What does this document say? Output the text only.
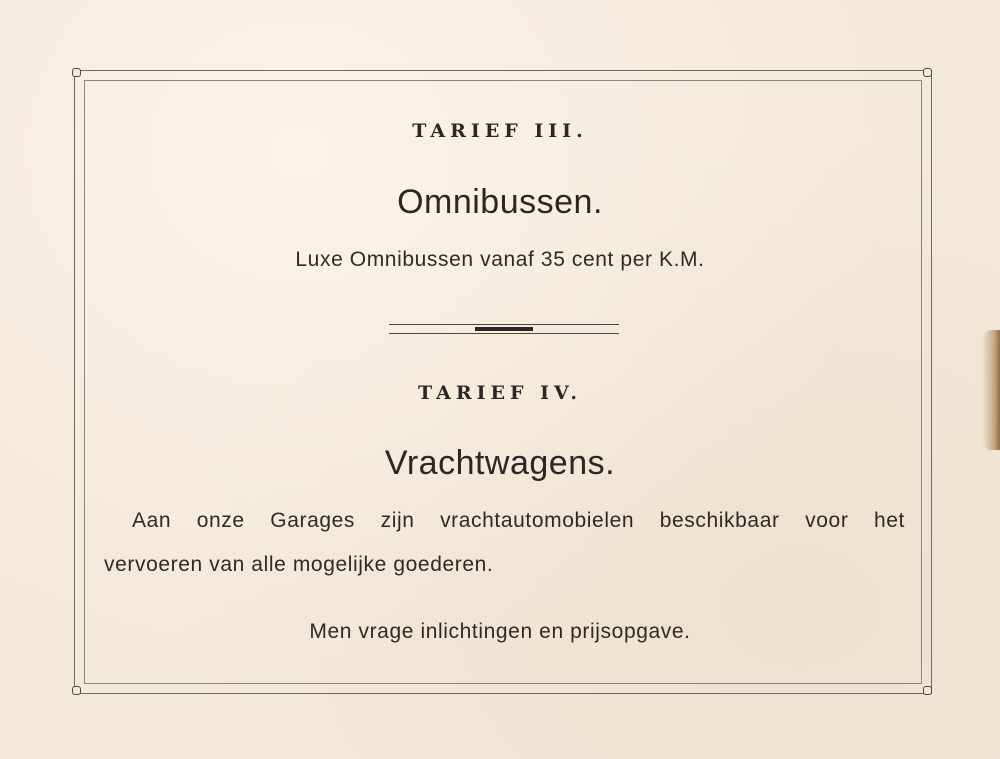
TARIEF III.
Omnibussen.
Luxe Omnibussen vanaf 35 cent per K.M.
TARIEF IV.
Vrachtwagens.
Aan onze Garages zijn vrachtautomobielen beschikbaar voor het
vervoeren van alle mogelijke goederen.
Men vrage inlichtingen en prijsopgave.
